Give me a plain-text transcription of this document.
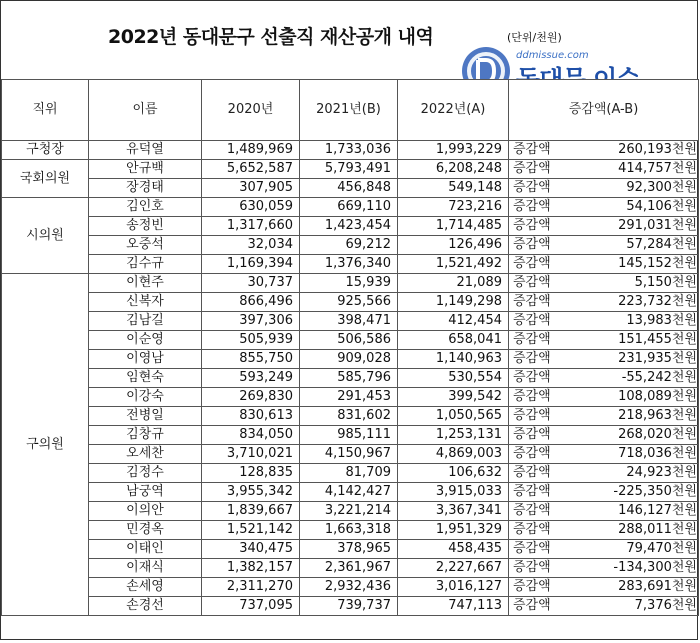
2022년 동대문구 선출직 재산공개 내역	(단위/천원)
ddmissue.com
직위	이름	2020년	2021년(B)	2022년(A)	증감액(A-B)
구청장	유덕열	1,489,969	1,733,036	1,993,229	증감액 260,193천원
국회의원	안규백	5,652,587	5,793,491	6,208,248	증감액 414,757천원
	장경태	307,905	456,848	549,148	증감액 92,300천원
시의원	김인호	630,059	669,110	723,216	증감액 54,106천원
	송정빈	1,317,660	1,423,454	1,714,485	증감액 291,031천원
	오중석	32,034	69,212	126,496	증감액 57,284천원
	김수규	1,169,394	1,376,340	1,521,492	증감액 145,152천원
구의원	이현주	30,737	15,939	21,089	증감액 5,150천원
	신복자	866,496	925,566	1,149,298	증감액 223,732천원
	김남길	397,306	398,471	412,454	증감액 13,983천원
	이순영	505,939	506,586	658,041	증감액 151,455천원
	이영남	855,750	909,028	1,140,963	증감액 231,935천원
	임현숙	593,249	585,796	530,554	증감액 -55,242천원
	이강숙	269,830	291,453	399,542	증감액 108,089천원
	전병일	830,613	831,602	1,050,565	증감액 218,963천원
	김창규	834,050	985,111	1,253,131	증감액 268,020천원
	오세찬	3,710,021	4,150,967	4,869,003	증감액 718,036천원
	김정수	128,835	81,709	106,632	증감액 24,923천원
	남궁역	3,955,342	4,142,427	3,915,033	증감액 -225,350천원
	이의안	1,839,667	3,221,214	3,367,341	증감액 146,127천원
	민경옥	1,521,142	1,663,318	1,951,329	증감액 288,011천원
	이태인	340,475	378,965	458,435	증감액 79,470천원
	이재식	1,382,157	2,361,967	2,227,667	증감액 -134,300천원
	손세영	2,311,270	2,932,436	3,016,127	증감액 283,691천원
	손경선	737,095	739,737	747,113	증감액 7,376천원
